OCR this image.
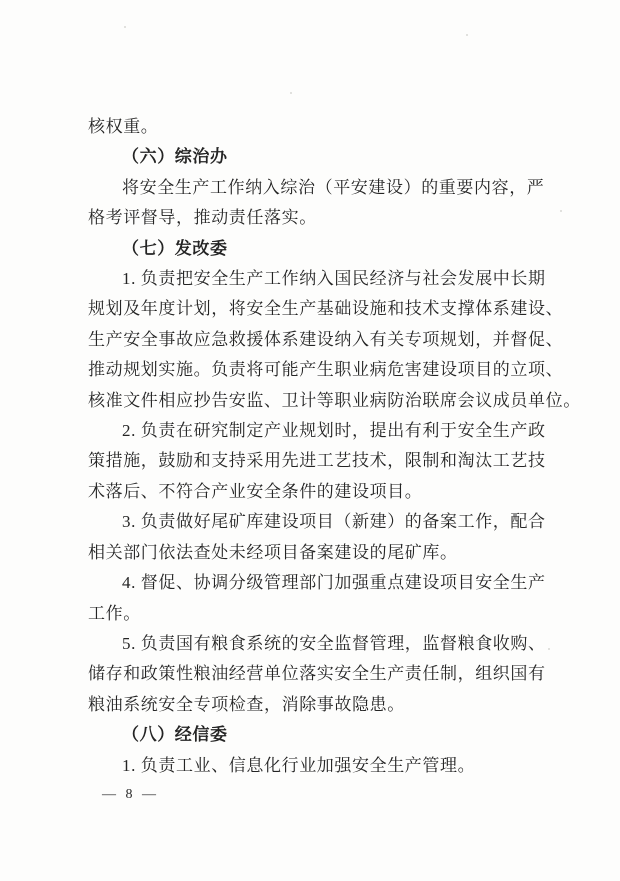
核权重。
（六）综治办
将安全生产工作纳入综治（平安建设）的重要内容，严
格考评督导，推动责任落实。
（七）发改委
1. 负责把安全生产工作纳入国民经济与社会发展中长期
规划及年度计划，将安全生产基础设施和技术支撑体系建设、
生产安全事故应急救援体系建设纳入有关专项规划，并督促、
推动规划实施。负责将可能产生职业病危害建设项目的立项、
核准文件相应抄告安监、卫计等职业病防治联席会议成员单位。
2. 负责在研究制定产业规划时，提出有利于安全生产政
策措施，鼓励和支持采用先进工艺技术，限制和淘汰工艺技
术落后、不符合产业安全条件的建设项目。
3. 负责做好尾矿库建设项目（新建）的备案工作，配合
相关部门依法查处未经项目备案建设的尾矿库。
4. 督促、协调分级管理部门加强重点建设项目安全生产
工作。
5. 负责国有粮食系统的安全监督管理，监督粮食收购、
储存和政策性粮油经营单位落实安全生产责任制，组织国有
粮油系统安全专项检查，消除事故隐患。
（八）经信委
1. 负责工业、信息化行业加强安全生产管理。
— 8 —
